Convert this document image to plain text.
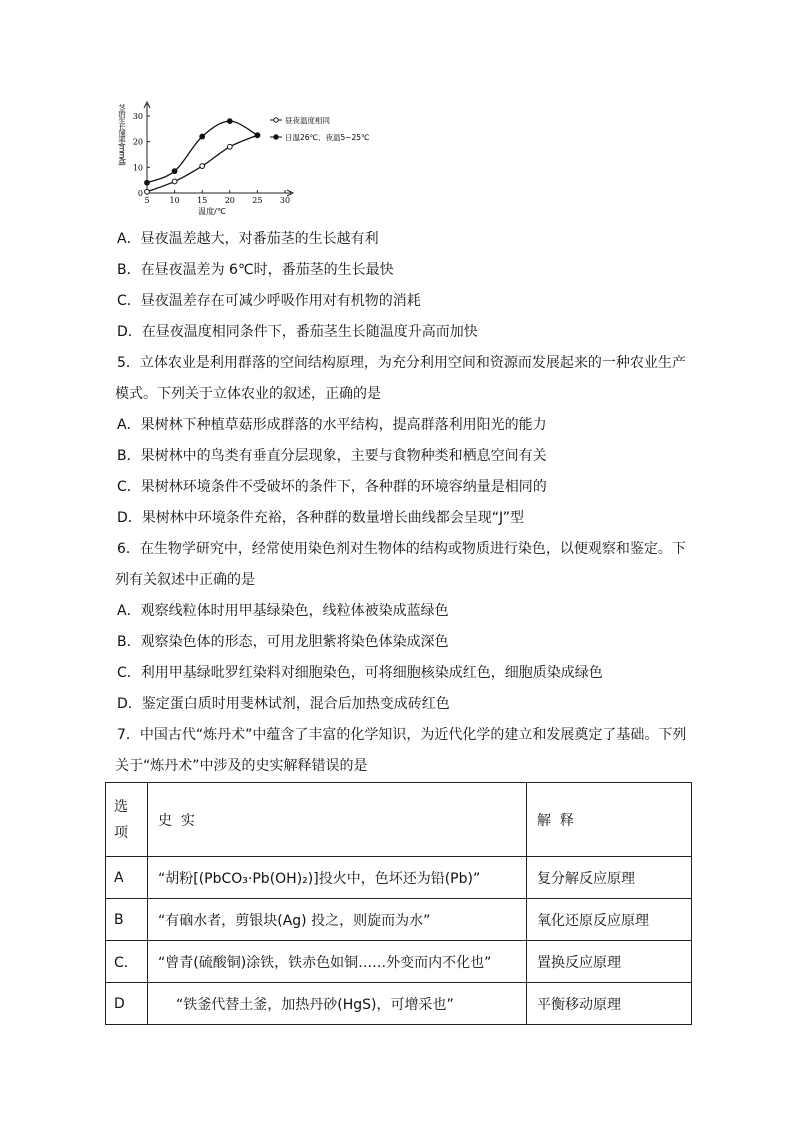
5 10 15 20 25 30
0
10
20
30
温度/℃
茎的生长速率(mm/d)	昼夜温度相同
日温26℃、夜温5~25℃
A．昼夜温差越大，对番茄茎的生长越有利
B．在昼夜温差为 6℃时，番茄茎的生长最快
C．昼夜温差存在可减少呼吸作用对有机物的消耗
D．在昼夜温度相同条件下，番茄茎生长随温度升高而加快
5．立体农业是利用群落的空间结构原理，为充分利用空间和资源而发展起来的一种农业生产
模式。下列关于立体农业的叙述，正确的是
A．果树林下种植草菇形成群落的水平结构，提高群落利用阳光的能力
B．果树林中的鸟类有垂直分层现象，主要与食物种类和栖息空间有关
C．果树林环境条件不受破坏的条件下，各种群的环境容纳量是相同的
D．果树林中环境条件充裕，各种群的数量增长曲线都会呈现“J”型
6．在生物学研究中，经常使用染色剂对生物体的结构或物质进行染色，以便观察和鉴定。下
列有关叙述中正确的是
A．观察线粒体时用甲基绿染色，线粒体被染成蓝绿色
B．观察染色体的形态，可用龙胆紫将染色体染成深色
C．利用甲基绿吡罗红染料对细胞染色，可将细胞核染成红色，细胞质染成绿色
D．鉴定蛋白质时用斐林试剂，混合后加热变成砖红色
7．中国古代“炼丹术”中蕴含了丰富的化学知识，为近代化学的建立和发展奠定了基础。下列
关于“炼丹术”中涉及的史实解释错误的是
选
项	史  实	解  释
A	“胡粉[(PbCO₃·Pb(OH)₂)]投火中，色坏还为铅(Pb)”	复分解反应原理
B	“有硇水者，剪银块(Ag) 投之，则旋而为水”	氧化还原反应原理
C．	“曾青(硫酸铜)涂铁，铁赤色如铜……外变而内不化也”	置换反应原理
D	“铁釜代替土釜，加热丹砂(HgS)，可增采也”	平衡移动原理
